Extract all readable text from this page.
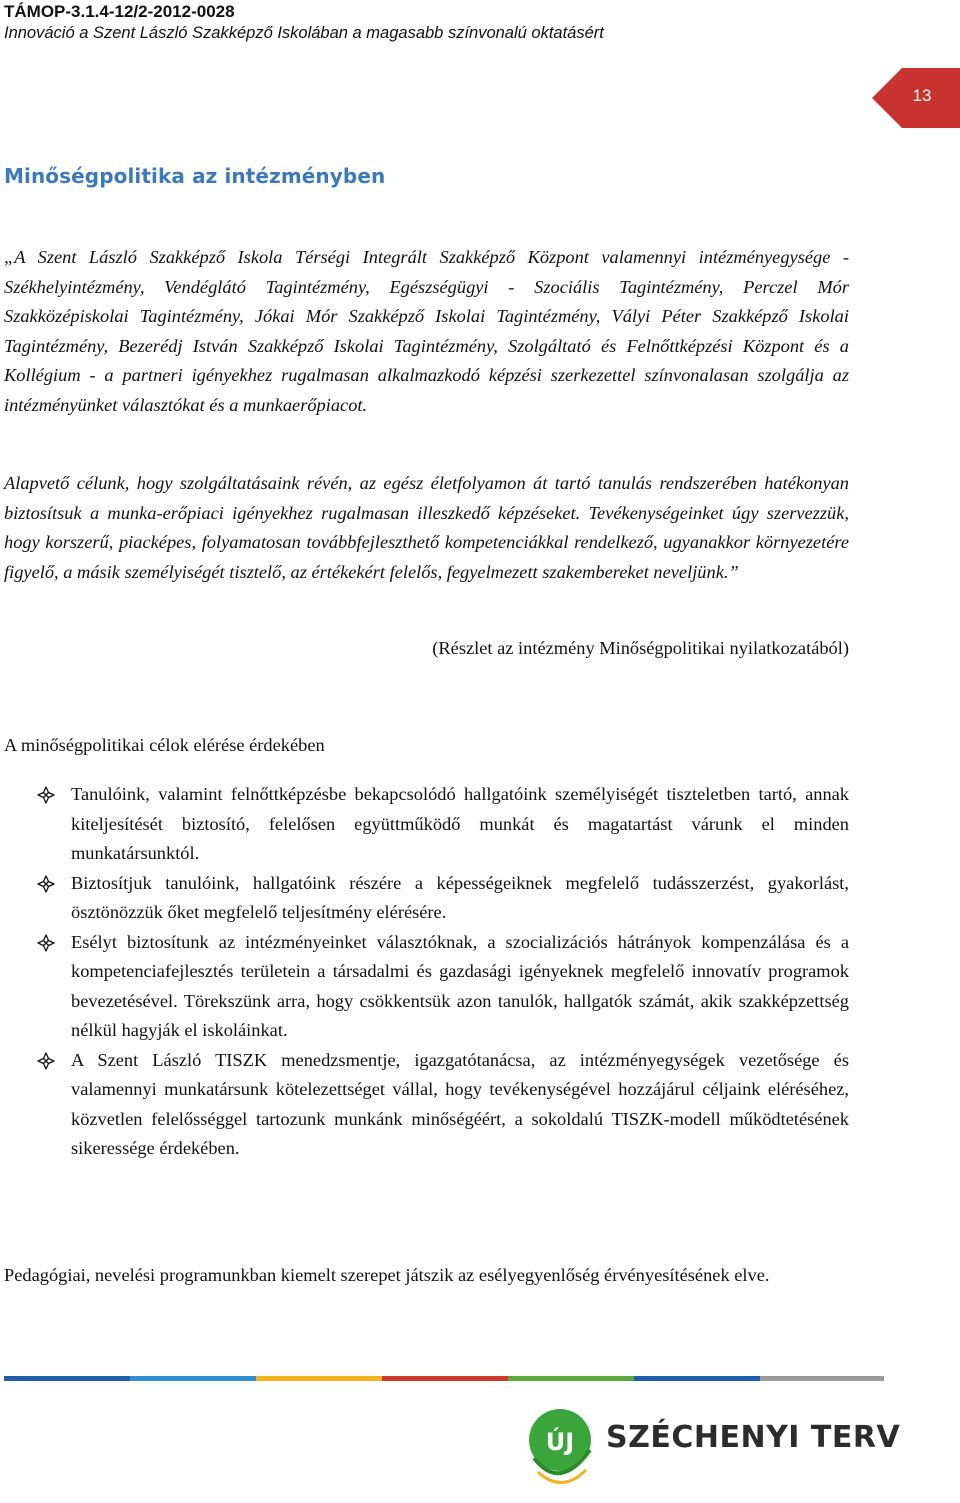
TÁMOP-3.1.4-12/2-2012-0028
Innováció a Szent László Szakképző Iskolában a magasabb színvonalú oktatásért
13
Minőségpolitika az intézményben

„A Szent László Szakképző Iskola Térségi Integrált Szakképző Központ valamennyi intézményegysége - Székhelyintézmény, Vendéglátó Tagintézmény, Egészségügyi - Szociális Tagintézmény, Perczel Mór Szakközépiskolai Tagintézmény, Jókai Mór Szakképző Iskolai Tagintézmény, Vályi Péter Szakképző Iskolai Tagintézmény, Bezerédj István Szakképző Iskolai Tagintézmény, Szolgáltató és Felnőttképzési Központ és a Kollégium - a partneri igényekhez rugalmasan alkalmazkodó képzési szerkezettel színvonalasan szolgálja az intézményünket választókat és a munkaerőpiacot.

Alapvető célunk, hogy szolgáltatásaink révén, az egész életfolyamon át tartó tanulás rendszerében hatékonyan biztosítsuk a munka-erőpiaci igényekhez rugalmasan illeszkedő képzéseket. Tevékenységeinket úgy szervezzük, hogy korszerű, piacképes, folyamatosan továbbfejleszthető kompetenciákkal rendelkező, ugyanakkor környezetére figyelő, a másik személyiségét tisztelő, az értékekért felelős, fegyelmezett szakembereket neveljünk.”

(Részlet az intézmény Minőségpolitikai nyilatkozatából)
A minőségpolitikai célok elérése érdekében
Tanulóink, valamint felnőttképzésbe bekapcsolódó hallgatóink személyiségét tiszteletben tartó, annak kiteljesítését biztosító, felelősen együttműködő munkát és magatartást várunk el minden munkatársunktól.
Biztosítjuk tanulóink, hallgatóink részére a képességeiknek megfelelő tudásszerzést, gyakorlást, ösztönözzük őket megfelelő teljesítmény elérésére.
Esélyt biztosítunk az intézményeinket választóknak, a szocializációs hátrányok kompenzálása és a kompetenciafejlesztés területein a társadalmi és gazdasági igényeknek megfelelő innovatív programok bevezetésével. Törekszünk arra, hogy csökkentsük azon tanulók, hallgatók számát, akik szakképzettség nélkül hagyják el iskoláinkat.
A Szent László TISZK menedzsmentje, igazgatótanácsa, az intézményegységek vezetősége és valamennyi munkatársunk kötelezettséget vállal, hogy tevékenységével hozzájárul céljaink eléréséhez, közvetlen felelősséggel tartozunk munkánk minőségéért, a sokoldalú TISZK-modell működtetésének sikeressége érdekében.

Pedagógiai, nevelési programunkban kiemelt szerepet játszik az esélyegyenlőség érvényesítésének elve.

ÚJ SZÉCHENYI TERV
